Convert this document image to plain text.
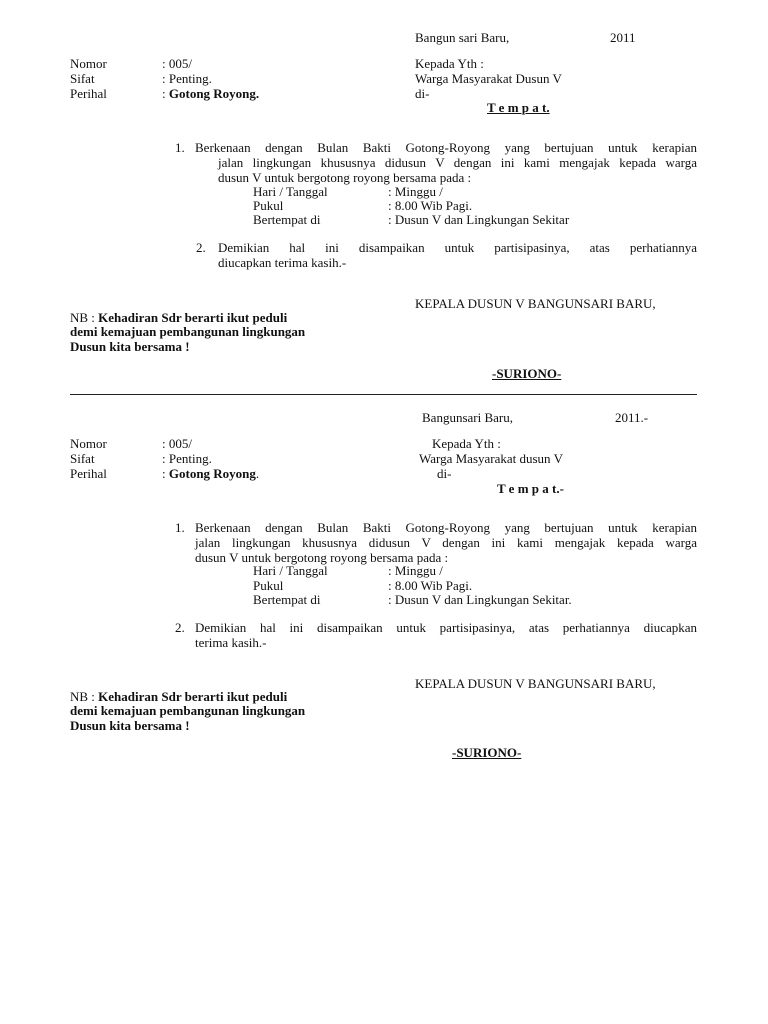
Bangun sari Baru,	2011
Nomor	: 005/
Sifat	: Penting.
Perihal	: Gotong Royong.
Kepada Yth :
Warga Masyarakat Dusun V
di-
T e m p a t.
1. Berkenaan dengan Bulan Bakti Gotong-Royong yang bertujuan untuk kerapian
jalan lingkungan khususnya didusun V dengan ini kami mengajak kepada warga
dusun V untuk bergotong royong bersama pada :
Hari / Tanggal	: Minggu /
Pukul	: 8.00 Wib Pagi.
Bertempat di	: Dusun V dan Lingkungan Sekitar
2. Demikian hal ini disampaikan untuk partisipasinya, atas perhatiannya
diucapkan terima kasih.-
KEPALA DUSUN V BANGUNSARI BARU,
NB : Kehadiran Sdr berarti ikut peduli
demi kemajuan pembangunan lingkungan
Dusun kita bersama !
-SURIONO-
Bangunsari Baru,	2011.-
Nomor	: 005/
Sifat	: Penting.
Perihal	: Gotong Royong.
Kepada Yth :
Warga Masyarakat dusun V
di-
T e m p a t.-
1. Berkenaan dengan Bulan Bakti Gotong-Royong yang bertujuan untuk kerapian
jalan lingkungan khususnya didusun V dengan ini kami mengajak kepada warga
dusun V untuk bergotong royong bersama pada :
Hari / Tanggal	: Minggu /
Pukul	: 8.00 Wib Pagi.
Bertempat di	: Dusun V dan Lingkungan Sekitar.
2. Demikian hal ini disampaikan untuk partisipasinya, atas perhatiannya diucapkan
terima kasih.-
KEPALA DUSUN V BANGUNSARI BARU,
NB : Kehadiran Sdr berarti ikut peduli
demi kemajuan pembangunan lingkungan
Dusun kita bersama !
-SURIONO-
